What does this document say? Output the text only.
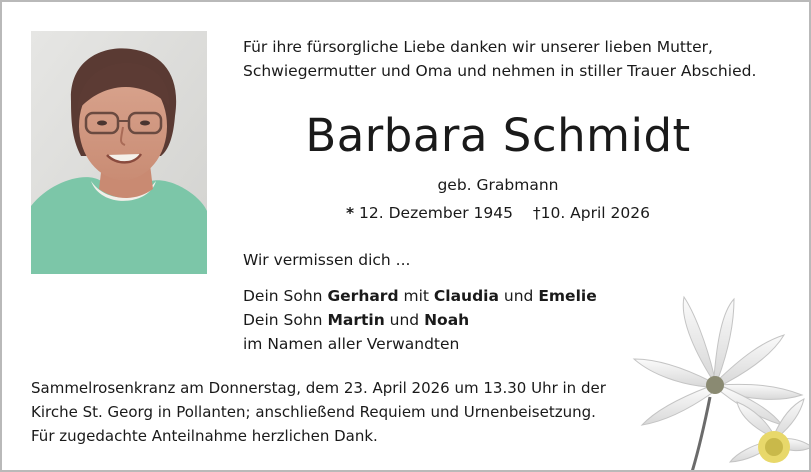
Für ihre fürsorgliche Liebe danken wir unserer lieben Mutter,
Schwiegermutter und Oma und nehmen in stiller Trauer Abschied.
Barbara Schmidt
geb. Grabmann
* 12. Dezember 1945 †10. April 2026
Wir vermissen dich ...
Dein Sohn Gerhard mit Claudia und Emelie
Dein Sohn Martin und Noah
im Namen aller Verwandten
Sammelrosenkranz am Donnerstag, dem 23. April 2026 um 13.30 Uhr in der
Kirche St. Georg in Pollanten; anschließend Requiem und Urnenbeisetzung.
Für zugedachte Anteilnahme herzlichen Dank.
